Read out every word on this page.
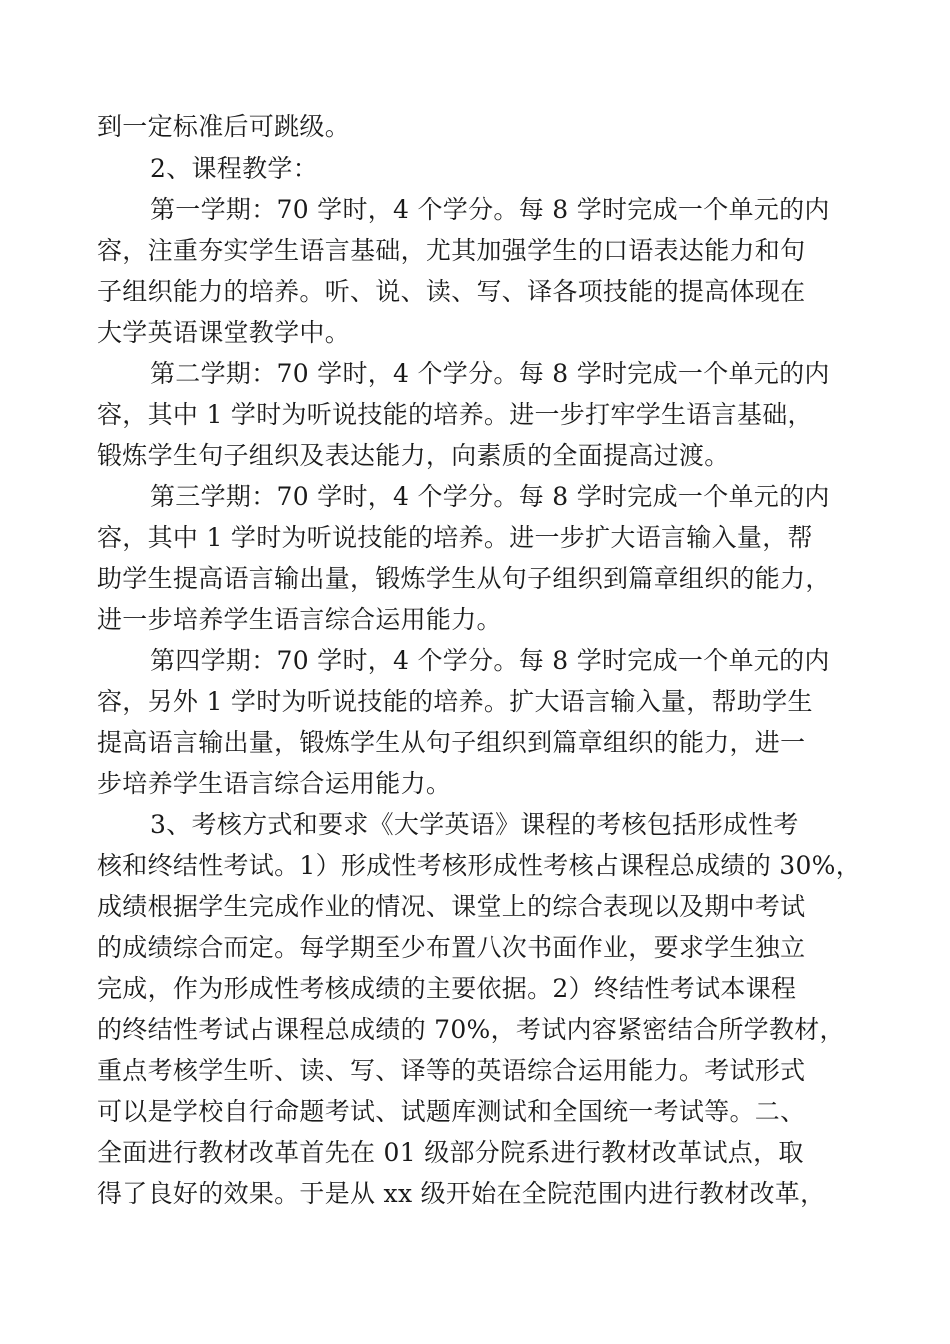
到一定标准后可跳级。
2、课程教学：
第一学期：70 学时，4 个学分。每 8 学时完成一个单元的内
容，注重夯实学生语言基础，尤其加强学生的口语表达能力和句
子组织能力的培养。听、说、读、写、译各项技能的提高体现在
大学英语课堂教学中。
第二学期：70 学时，4 个学分。每 8 学时完成一个单元的内
容，其中 1 学时为听说技能的培养。进一步打牢学生语言基础，
锻炼学生句子组织及表达能力，向素质的全面提高过渡。
第三学期：70 学时，4 个学分。每 8 学时完成一个单元的内
容，其中 1 学时为听说技能的培养。进一步扩大语言输入量，帮
助学生提高语言输出量，锻炼学生从句子组织到篇章组织的能力，
进一步培养学生语言综合运用能力。
第四学期：70 学时，4 个学分。每 8 学时完成一个单元的内
容，另外 1 学时为听说技能的培养。扩大语言输入量，帮助学生
提高语言输出量，锻炼学生从句子组织到篇章组织的能力，进一
步培养学生语言综合运用能力。
3、考核方式和要求《大学英语》课程的考核包括形成性考
核和终结性考试。1）形成性考核形成性考核占课程总成绩的 30%，
成绩根据学生完成作业的情况、课堂上的综合表现以及期中考试
的成绩综合而定。每学期至少布置八次书面作业，要求学生独立
完成，作为形成性考核成绩的主要依据。2）终结性考试本课程
的终结性考试占课程总成绩的 70%，考试内容紧密结合所学教材，
重点考核学生听、读、写、译等的英语综合运用能力。考试形式
可以是学校自行命题考试、试题库测试和全国统一考试等。二、
全面进行教材改革首先在 01 级部分院系进行教材改革试点，取
得了良好的效果。于是从 xx 级开始在全院范围内进行教材改革，
